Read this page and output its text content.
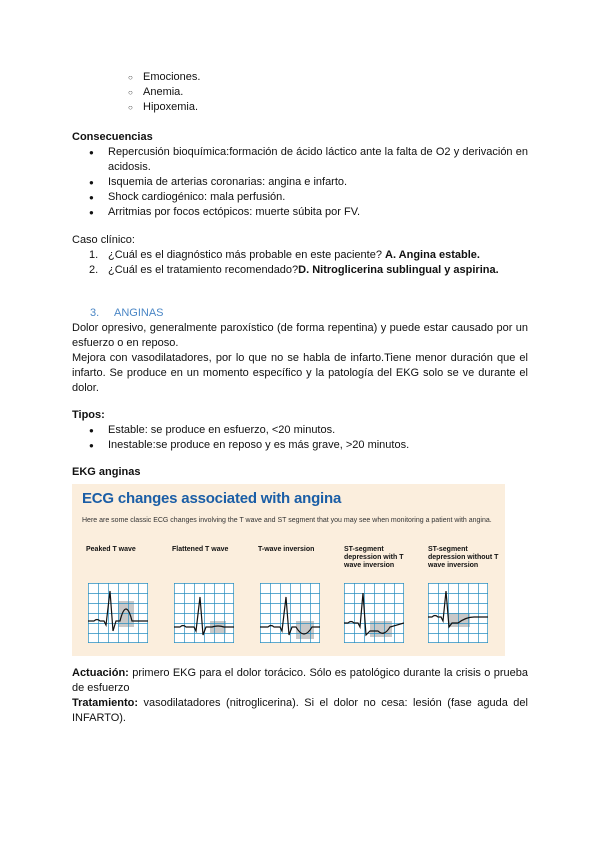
○ Emociones.
○ Anemia.
○ Hipoxemia.
Consecuencias
● Repercusión bioquímica:formación de ácido láctico ante la falta de O2 y derivación en acidosis.
● Isquemia de arterias coronarias: angina e infarto.
● Shock cardiogénico: mala perfusión.
● Arritmias por focos ectópicos: muerte súbita por FV.
Caso clínico:
1. ¿Cuál es el diagnóstico más probable en este paciente? A. Angina estable.
2. ¿Cuál es el tratamiento recomendado?D. Nitroglicerina sublingual y aspirina.
3. ANGINAS

Dolor opresivo, generalmente paroxístico (de forma repentina) y puede estar causado por un esfuerzo o en reposo.

Mejora con vasodilatadores, por lo que no se habla de infarto.Tiene menor duración que el infarto. Se produce en un momento específico y la patología del EKG solo se ve durante el dolor.

Tipos:
● Estable: se produce en esfuerzo, <20 minutos.
● Inestable:se produce en reposo y es más grave, >20 minutos.
EKG anginas
ECG changes associated with angina
Here are some classic ECG changes involving the T wave and ST segment that you may see when monitoring a patient with angina.
Peaked T wave	Flattened T wave	T-wave inversion	ST-segment depression with T wave inversion
ST-segment depression without T wave inversion
Actuación: primero EKG para el dolor torácico. Sólo es patológico durante la crisis o prueba de esfuerzo
Tratamiento: vasodilatadores (nitroglicerina). Si el dolor no cesa: lesión (fase aguda del INFARTO).
